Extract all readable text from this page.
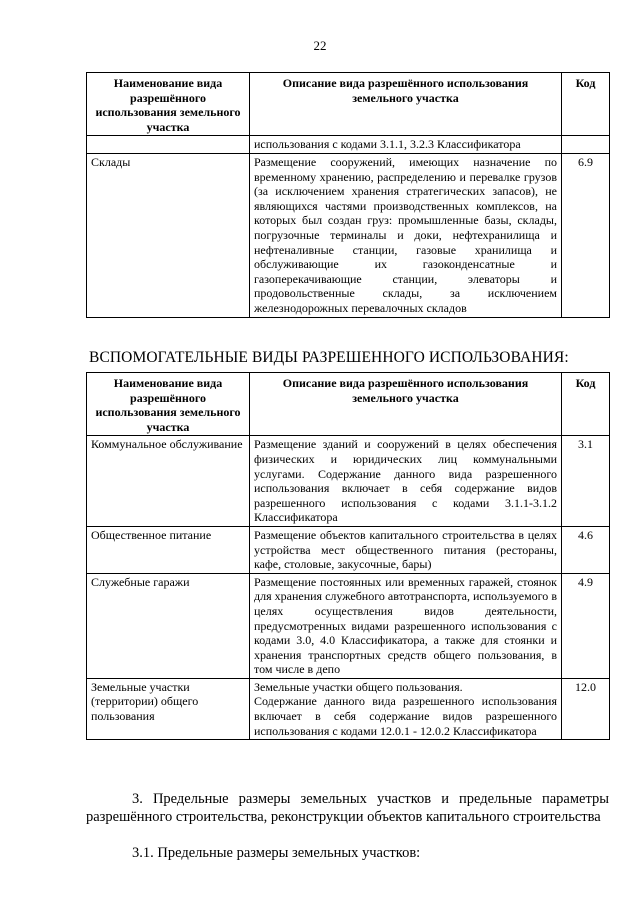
22
Наименование вида разрешённого использования земельного участка	Описание вида разрешённого использования земельного участка	Код
	использования с кодами 3.1.1, 3.2.3 Классификатора	
Склады	Размещение сооружений, имеющих назначение по временному хранению, распределению и перевалке грузов (за исключением хранения стратегических запасов), не являющихся частями производственных комплексов, на которых был создан груз: промышленные базы, склады, погрузочные терминалы и доки, нефтехранилища и нефтеналивные станции, газовые хранилища и обслуживающие их газоконденсатные и газоперекачивающие станции, элеваторы и продовольственные склады, за исключением железнодорожных перевалочных складов	6.9
ВСПОМОГАТЕЛЬНЫЕ ВИДЫ РАЗРЕШЕННОГО ИСПОЛЬЗОВАНИЯ:
Наименование вида разрешённого использования земельного участка	Описание вида разрешённого использования земельного участка	Код
Коммунальное обслуживание	Размещение зданий и сооружений в целях обеспечения физических и юридических лиц коммунальными услугами. Содержание данного вида разрешенного использования включает в себя содержание видов разрешенного использования с кодами 3.1.1-3.1.2 Классификатора	3.1
Общественное питание	Размещение объектов капитального строительства в целях устройства мест общественного питания (рестораны, кафе, столовые, закусочные, бары)	4.6
Служебные гаражи	Размещение постоянных или временных гаражей, стоянок для хранения служебного автотранспорта, используемого в целях осуществления видов деятельности, предусмотренных видами разрешенного использования с кодами 3.0, 4.0 Классификатора, а также для стоянки и хранения транспортных средств общего пользования, в том числе в депо	4.9
Земельные участки (территории) общего пользования	Земельные участки общего пользования.
Содержание данного вида разрешенного использования включает в себя содержание видов разрешенного использования с кодами 12.0.1 - 12.0.2 Классификатора	12.0
3. Предельные размеры земельных участков и предельные параметры разрешённого строительства, реконструкции объектов капитального строительства
3.1. Предельные размеры земельных участков:
